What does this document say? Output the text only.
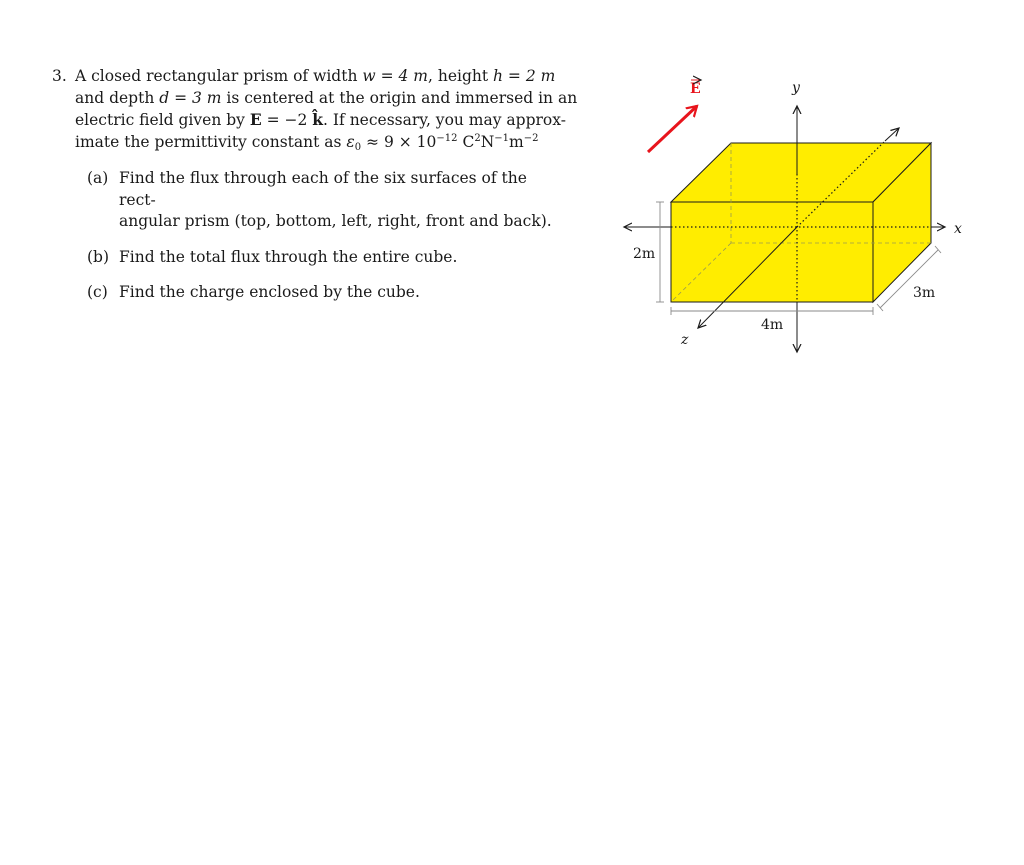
3. A closed rectangular prism of width w = 4 m, height h = 2 m
and depth d = 3 m is centered at the origin and immersed in an
electric field given by E = −2 k̂. If necessary, you may approx-
imate the permittivity constant as $\varepsilon_0 \approx 9 \times 10^{-12}$ $C^2N^{-1}m^{-2}$
(a) Find the flux through each of the six surfaces of the rect-
angular prism (top, bottom, left, right, front and back).
(b) Find the total flux through the entire cube.
(c) Find the charge enclosed by the cube.
x
y
z
2m
4m
3m
E
